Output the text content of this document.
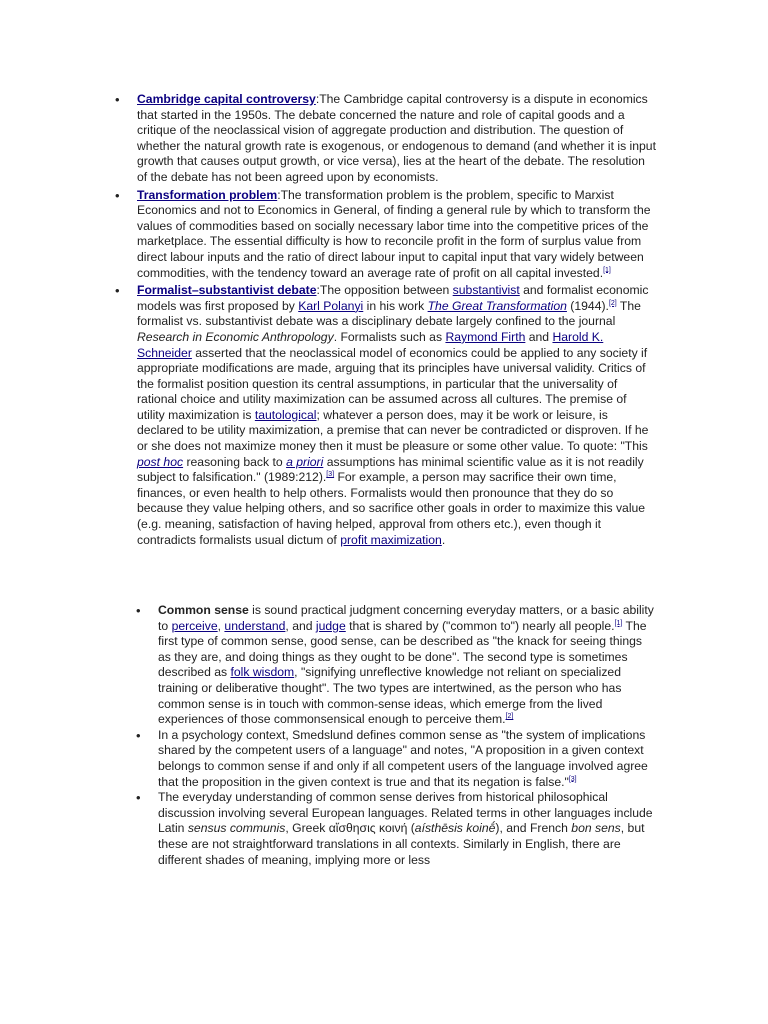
• Cambridge capital controversy:The Cambridge capital controversy is a dispute in economics that started in the 1950s. The debate concerned the nature and role of capital goods and a critique of the neoclassical vision of aggregate production and distribution. The question of whether the natural growth rate is exogenous, or endogenous to demand (and whether it is input growth that causes output growth, or vice versa), lies at the heart of the debate. The resolution of the debate has not been agreed upon by economists.
• Transformation problem:The transformation problem is the problem, specific to Marxist Economics and not to Economics in General, of finding a general rule by which to transform the values of commodities based on socially necessary labor time into the competitive prices of the marketplace. The essential difficulty is how to reconcile profit in the form of surplus value from direct labour inputs and the ratio of direct labour input to capital input that vary widely between commodities, with the tendency toward an average rate of profit on all capital invested.[1]
• Formalist–substantivist debate:The opposition between substantivist and formalist economic models was first proposed by Karl Polanyi in his work The Great Transformation (1944).[2] The formalist vs. substantivist debate was a disciplinary debate largely confined to the journal Research in Economic Anthropology. Formalists such as Raymond Firth and Harold K. Schneider asserted that the neoclassical model of economics could be applied to any society if appropriate modifications are made, arguing that its principles have universal validity. Critics of the formalist position question its central assumptions, in particular that the universality of rational choice and utility maximization can be assumed across all cultures. The premise of utility maximization is tautological; whatever a person does, may it be work or leisure, is declared to be utility maximization, a premise that can never be contradicted or disproven. If he or she does not maximize money then it must be pleasure or some other value. To quote: "This post hoc reasoning back to a priori assumptions has minimal scientific value as it is not readily subject to falsification." (1989:212).[3] For example, a person may sacrifice their own time, finances, or even health to help others. Formalists would then pronounce that they do so because they value helping others, and so sacrifice other goals in order to maximize this value (e.g. meaning, satisfaction of having helped, approval from others etc.), even though it contradicts formalists usual dictum of profit maximization.
• Common sense is sound practical judgment concerning everyday matters, or a basic ability to perceive, understand, and judge that is shared by ("common to") nearly all people.[1] The first type of common sense, good sense, can be described as "the knack for seeing things as they are, and doing things as they ought to be done". The second type is sometimes described as folk wisdom, "signifying unreflective knowledge not reliant on specialized training or deliberative thought". The two types are intertwined, as the person who has common sense is in touch with common-sense ideas, which emerge from the lived experiences of those commonsensical enough to perceive them.[2]
• In a psychology context, Smedslund defines common sense as "the system of implications shared by the competent users of a language" and notes, "A proposition in a given context belongs to common sense if and only if all competent users of the language involved agree that the proposition in the given context is true and that its negation is false."[3]
• The everyday understanding of common sense derives from historical philosophical discussion involving several European languages. Related terms in other languages include Latin sensus communis, Greek αἴσθησις κοινή (aísthēsis koinḗ), and French bon sens, but these are not straightforward translations in all contexts. Similarly in English, there are different shades of meaning, implying more or less
